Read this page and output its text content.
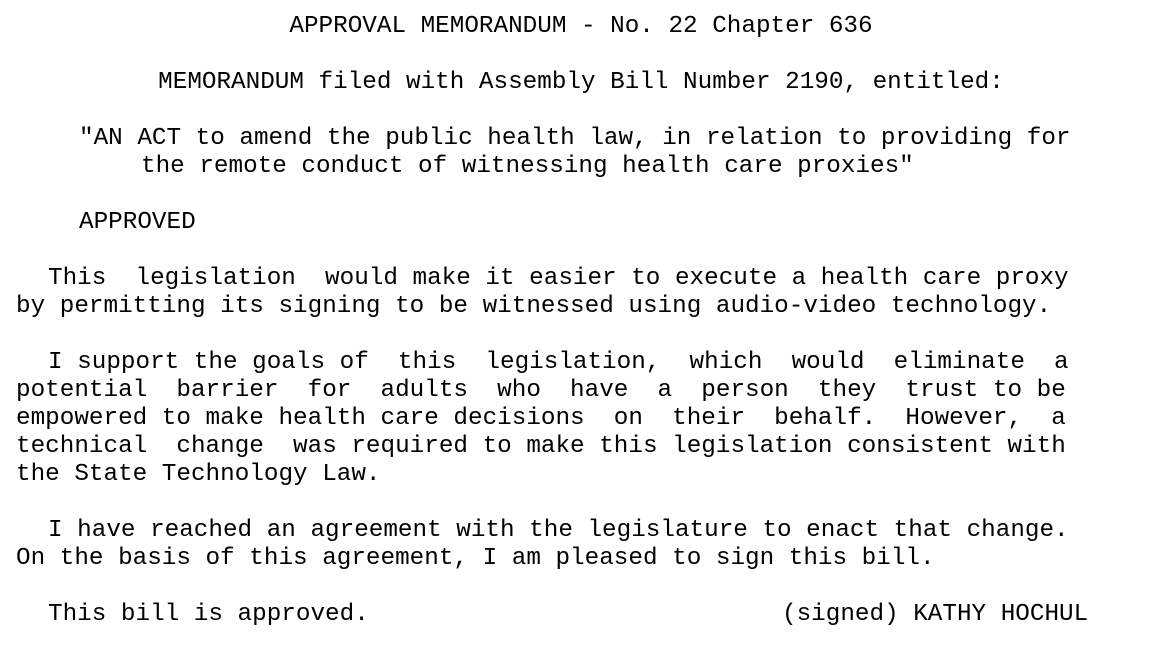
APPROVAL MEMORANDUM - No. 22 Chapter 636
MEMORANDUM filed with Assembly Bill Number 2190, entitled:
"AN ACT to amend the public health law, in relation to providing for
the remote conduct of witnessing health care proxies"
APPROVED
This  legislation  would make it easier to execute a health care proxy
by permitting its signing to be witnessed using audio-video technology.
I support the goals of  this  legislation,  which  would  eliminate  a
potential  barrier  for  adults  who  have  a  person  they  trust to be
empowered to make health care decisions  on  their  behalf.  However,  a
technical  change  was required to make this legislation consistent with
the State Technology Law.
I have reached an agreement with the legislature to enact that change.
On the basis of this agreement, I am pleased to sign this bill.
This bill is approved.	(signed) KATHY HOCHUL
